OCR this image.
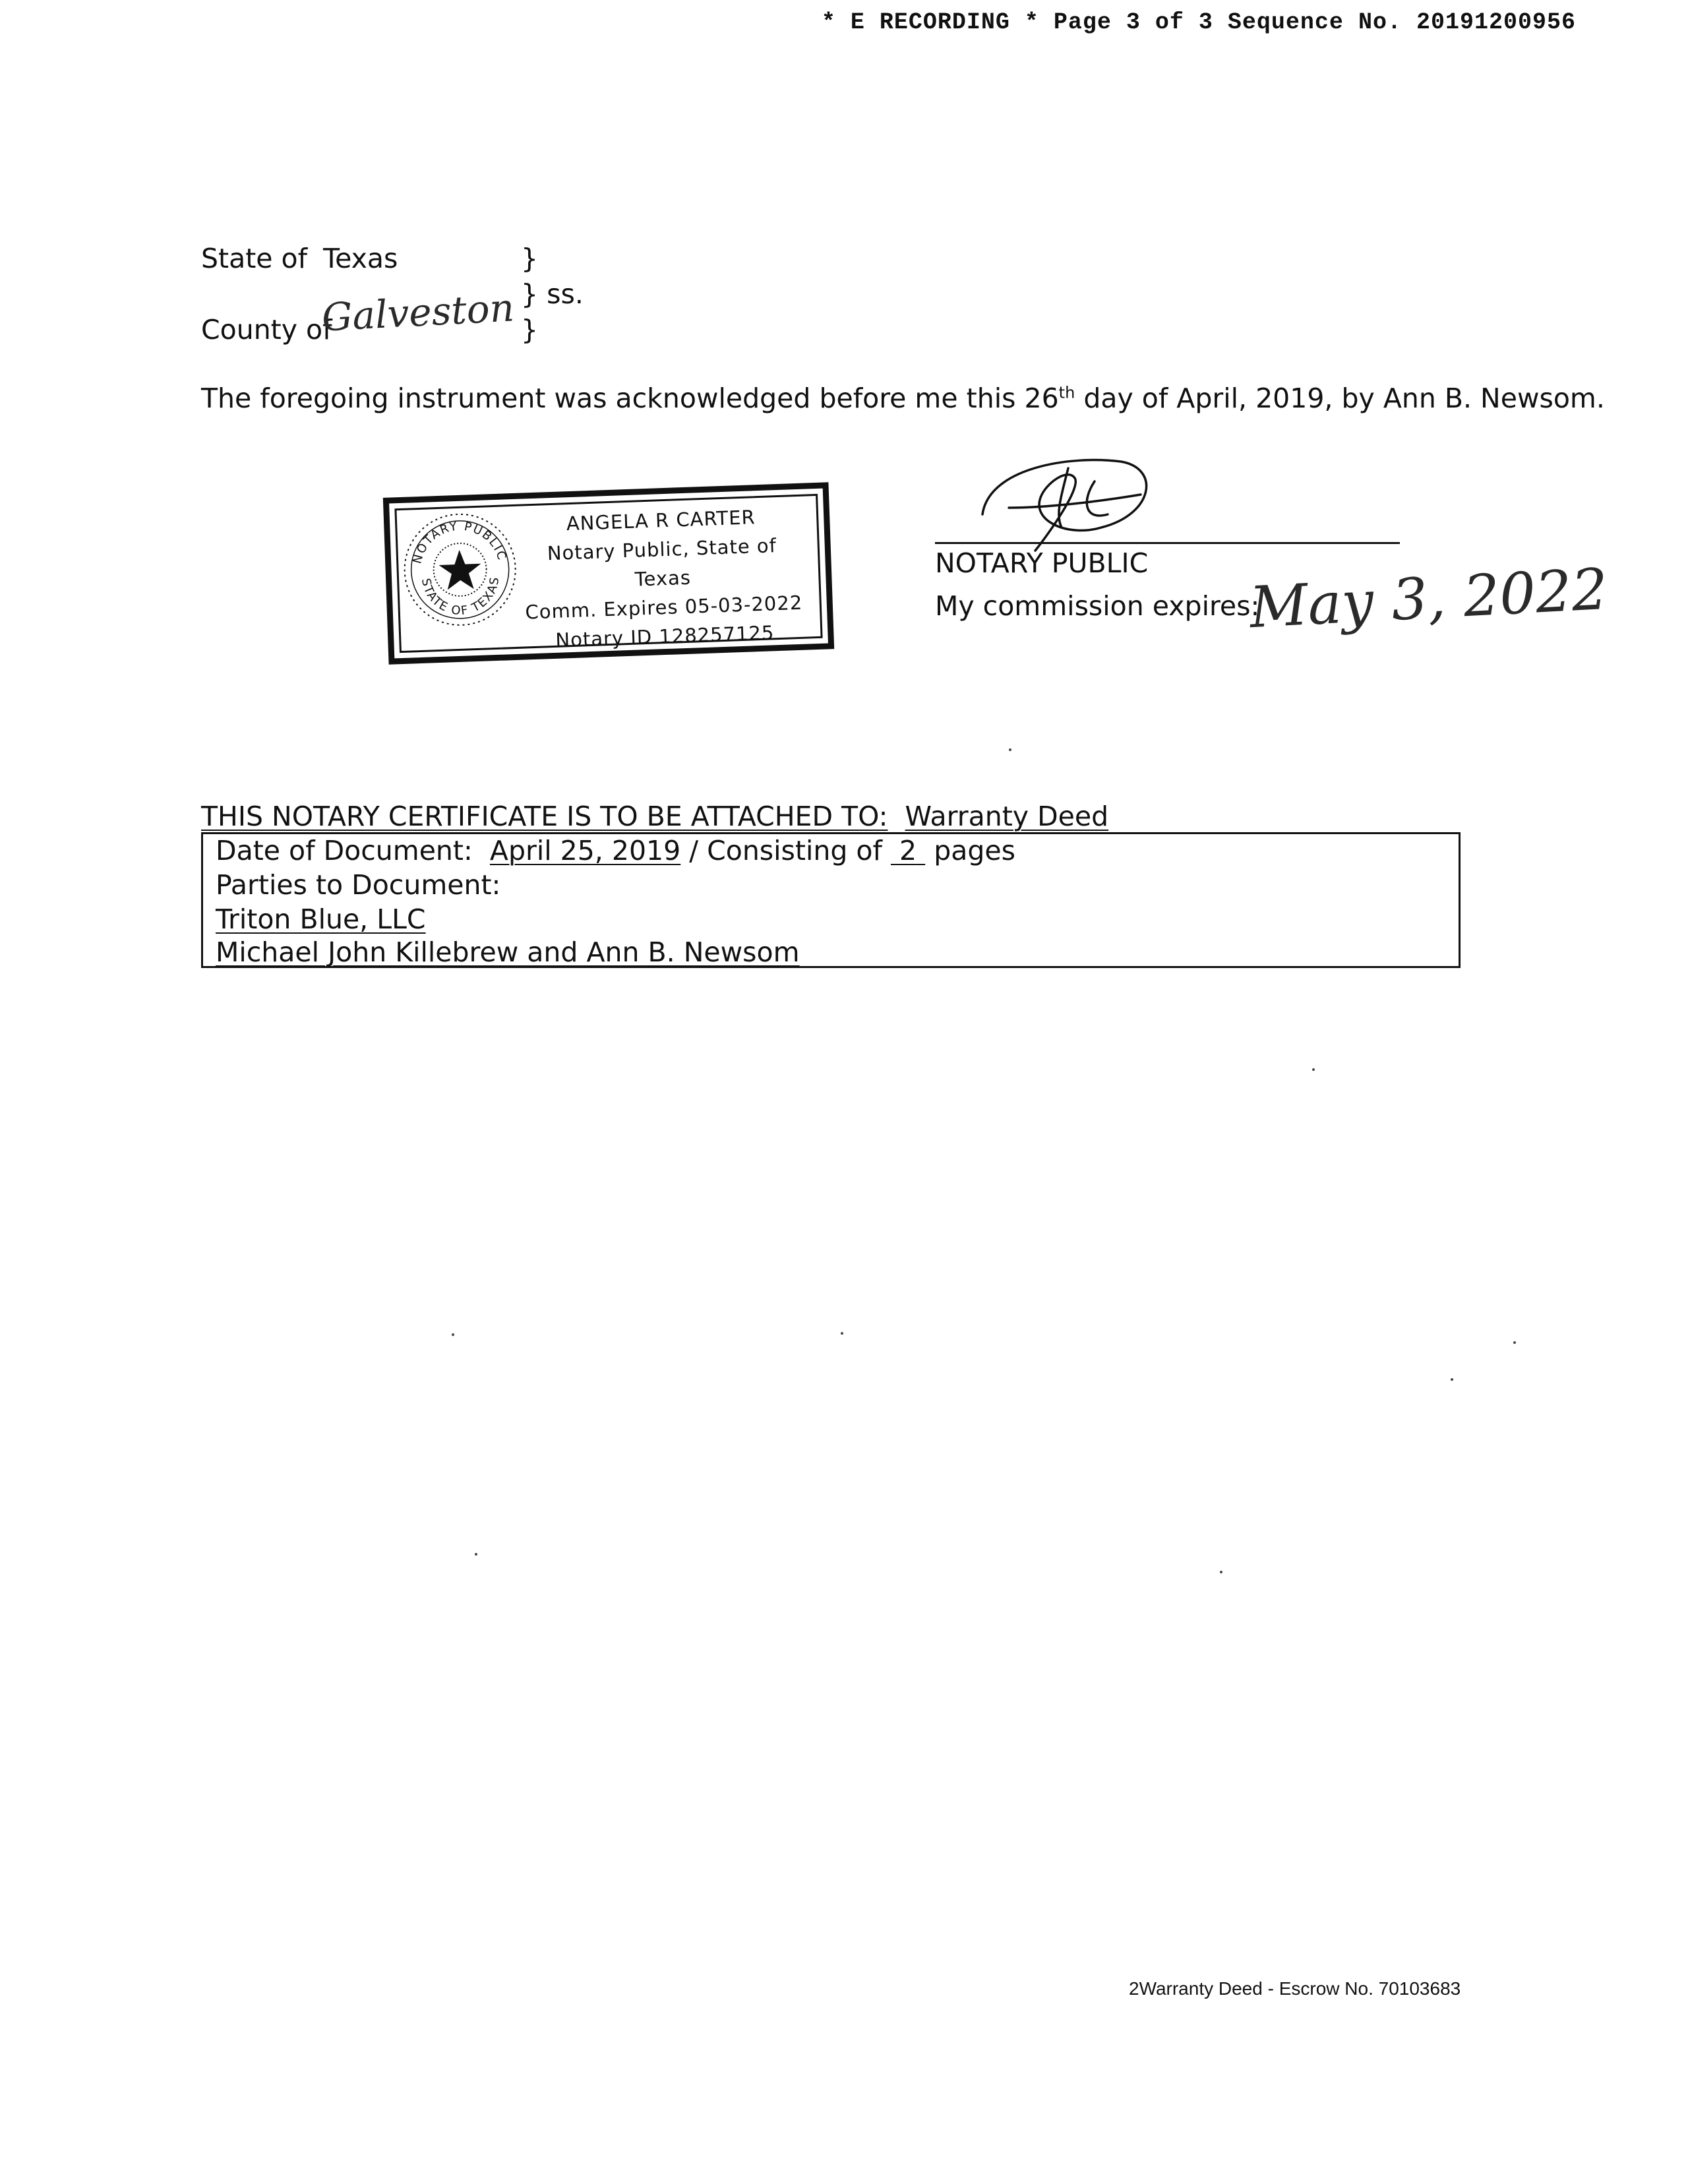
* E RECORDING * Page 3 of 3 Sequence No. 20191200956
State of Texas	}
} ss.
County of
Galveston }
The foregoing instrument was acknowledged before me this 26th day of April, 2019, by Ann B. Newsom.
NOTARY PUBLIC
STATE OF TEXAS
ANGELA R CARTER
Notary Public, State of Texas
Comm. Expires 05-03-2022
Notary ID 128257125
NOTARY PUBLIC
My commission expires:
May 3, 2022
THIS NOTARY CERTIFICATE IS TO BE ATTACHED TO: Warranty Deed
Date of Document: April 25, 2019 / Consisting of 2 pages
Parties to Document:
Triton Blue, LLC
Michael John Killebrew and Ann B. Newsom
2Warranty Deed - Escrow No. 70103683
